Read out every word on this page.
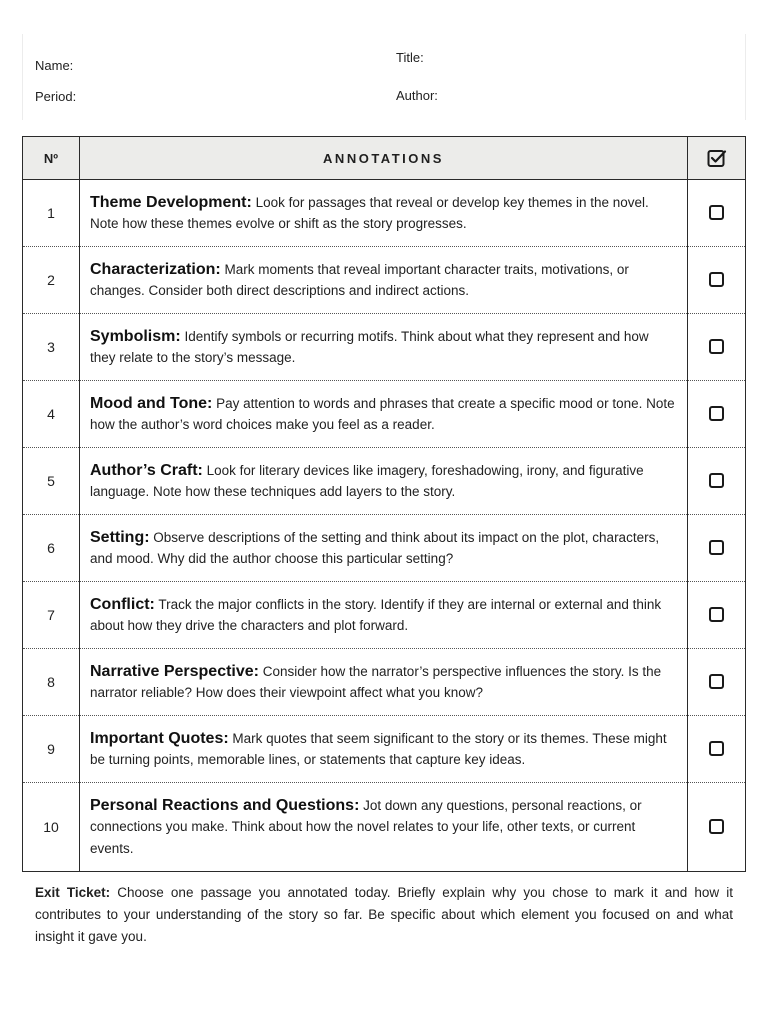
Name:
Period:
Title:
Author:
Nº	ANNOTATIONS	
1	Theme Development: Look for passages that reveal or develop key themes in the novel. Note how these themes evolve or shift as the story progresses.	
2	Characterization: Mark moments that reveal important character traits, motivations, or changes. Consider both direct descriptions and indirect actions.	
3	Symbolism: Identify symbols or recurring motifs. Think about what they represent and how they relate to the story’s message.	
4	Mood and Tone: Pay attention to words and phrases that create a specific mood or tone. Note how the author’s word choices make you feel as a reader.	
5	Author’s Craft: Look for literary devices like imagery, foreshadowing, irony, and figurative language. Note how these techniques add layers to the story.	
6	Setting: Observe descriptions of the setting and think about its impact on the plot, characters, and mood. Why did the author choose this particular setting?	
7	Conflict: Track the major conflicts in the story. Identify if they are internal or external and think about how they drive the characters and plot forward.	
8	Narrative Perspective: Consider how the narrator’s perspective influences the story. Is the narrator reliable? How does their viewpoint affect what you know?	
9	Important Quotes: Mark quotes that seem significant to the story or its themes. These might be turning points, memorable lines, or statements that capture key ideas.	
10	Personal Reactions and Questions: Jot down any questions, personal reactions, or connections you make. Think about how the novel relates to your life, other texts, or current events.	

Exit Ticket: Choose one passage you annotated today. Briefly explain why you chose to mark it and how it contributes to your understanding of the story so far. Be specific about which element you focused on and what insight it gave you.
